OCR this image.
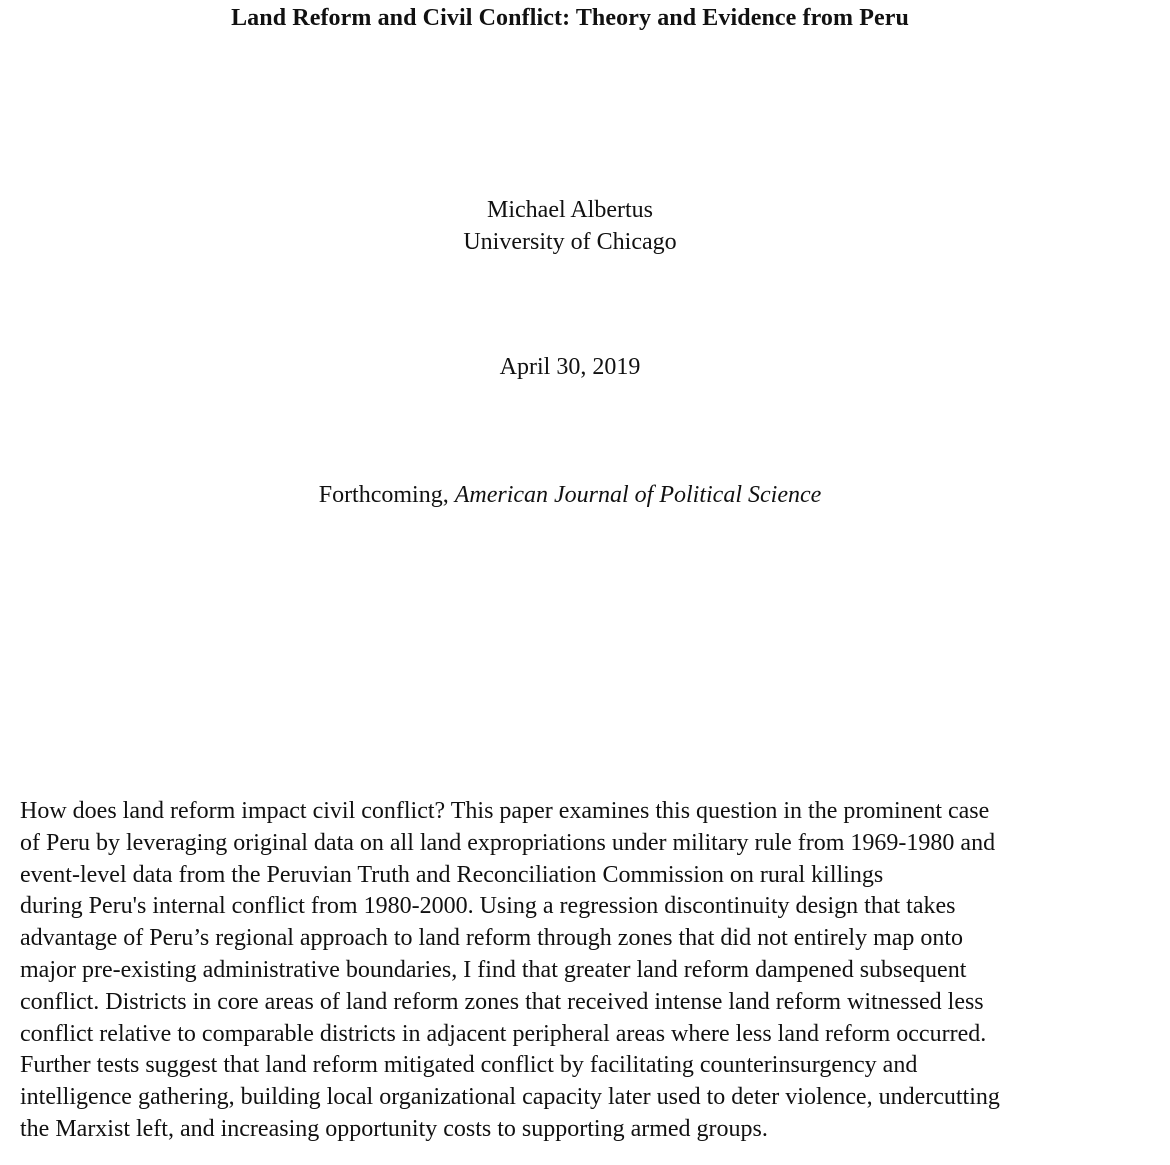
Land Reform and Civil Conflict: Theory and Evidence from Peru
Michael Albertus
University of Chicago
April 30, 2019
Forthcoming, American Journal of Political Science
How does land reform impact civil conflict? This paper examines this question in the prominent case
of Peru by leveraging original data on all land expropriations under military rule from 1969-1980 and
event-level data from the Peruvian Truth and Reconciliation Commission on rural killings
during Peru's internal conflict from 1980-2000. Using a regression discontinuity design that takes
advantage of Peru’s regional approach to land reform through zones that did not entirely map onto
major pre-existing administrative boundaries, I find that greater land reform dampened subsequent
conflict. Districts in core areas of land reform zones that received intense land reform witnessed less
conflict relative to comparable districts in adjacent peripheral areas where less land reform occurred.
Further tests suggest that land reform mitigated conflict by facilitating counterinsurgency and
intelligence gathering, building local organizational capacity later used to deter violence, undercutting
the Marxist left, and increasing opportunity costs to supporting armed groups.
